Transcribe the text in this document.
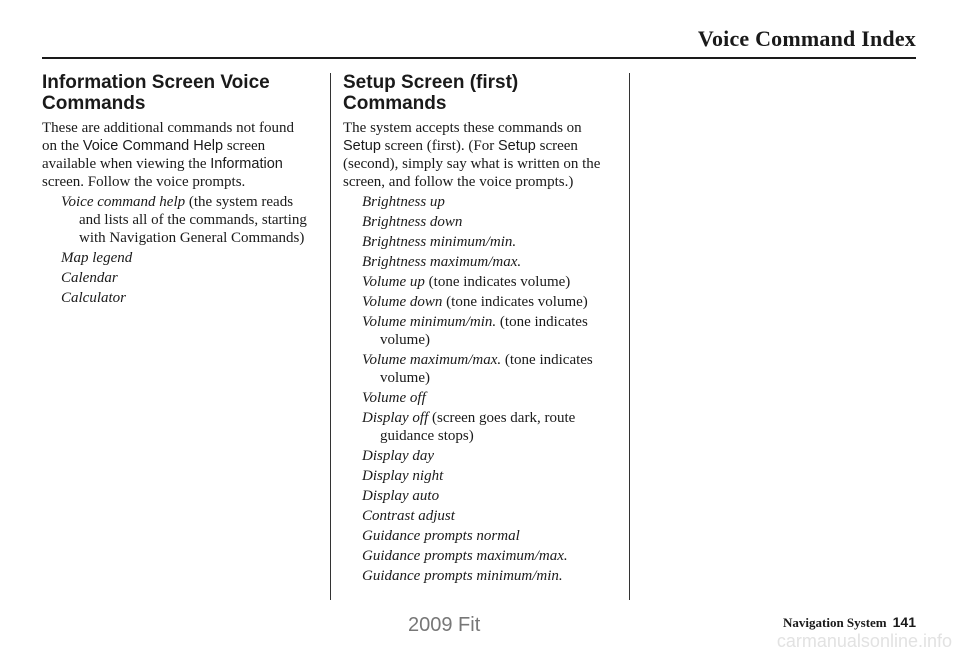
Voice Command Index
Information Screen Voice Commands

These are additional commands not found on the Voice Command Help screen available when viewing the Information screen. Follow the voice prompts.

Voice command help (the system reads and lists all of the commands, starting with Navigation General Commands)
Map legend
Calendar
Calculator
Setup Screen (first) Commands

The system accepts these commands on Setup screen (first). (For Setup screen (second), simply say what is written on the screen, and follow the voice prompts.)

Brightness up
Brightness down
Brightness minimum/min.
Brightness maximum/max.
Volume up (tone indicates volume)
Volume down (tone indicates volume)
Volume minimum/min. (tone indicates volume)
Volume maximum/max. (tone indicates volume)
Volume off
Display off (screen goes dark, route guidance stops)
Display day
Display night
Display auto
Contrast adjust
Guidance prompts normal
Guidance prompts maximum/max.
Guidance prompts minimum/min.
Navigation System 141
2009 Fit
carmanualsonline.info
